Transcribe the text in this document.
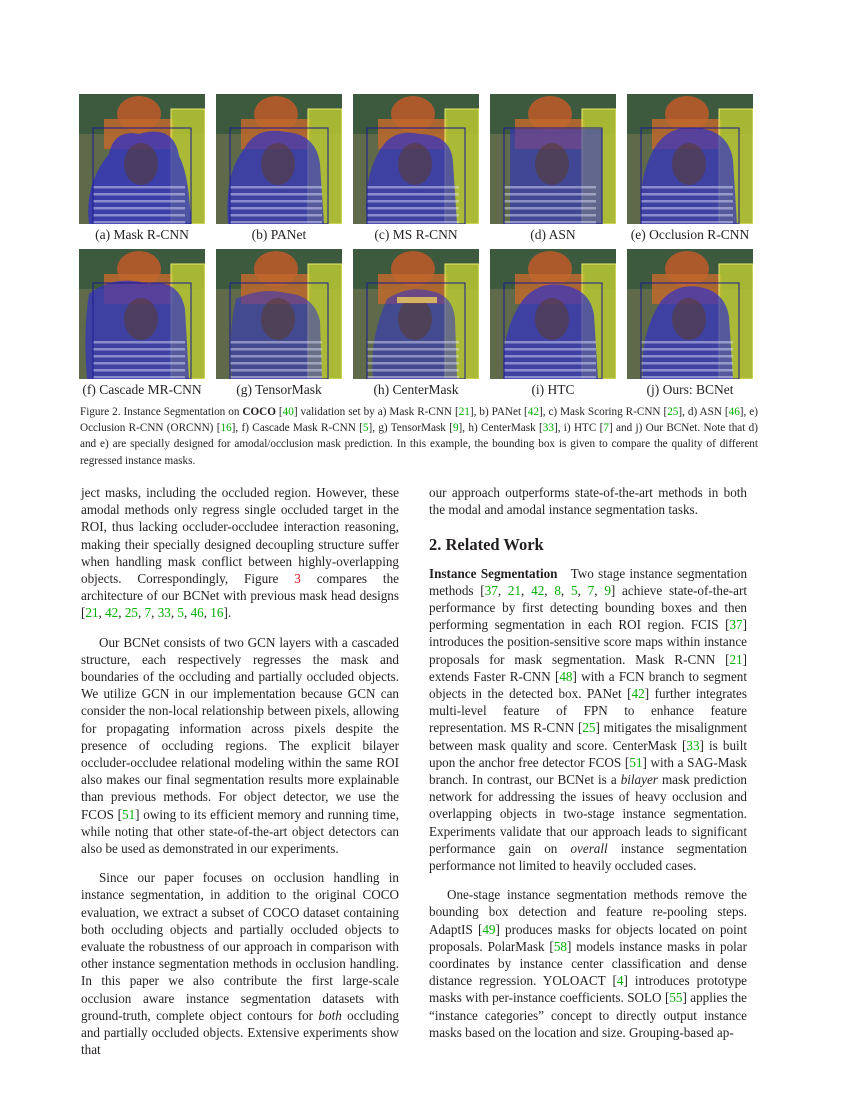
(a) Mask R-CNN	(b) PANet	(c) MS R-CNN	(d) ASN	(e) Occlusion R-CNN
(f) Cascade MR-CNN	(g) TensorMask	(h) CenterMask	(i) HTC	(j) Ours: BCNet
Figure 2. Instance Segmentation on COCO [40] validation set by a) Mask R-CNN [21], b) PANet [42], c) Mask Scoring R-CNN [25], d) ASN [46], e) Occlusion R-CNN (ORCNN) [16], f) Cascade Mask R-CNN [5], g) TensorMask [9], h) CenterMask [33], i) HTC [7] and j) Our BCNet. Note that d) and e) are specially designed for amodal/occlusion mask prediction. In this example, the bounding box is given to compare the quality of different regressed instance masks.

ject masks, including the occluded region. However, these amodal methods only regress single occluded target in the ROI, thus lacking occluder-occludee interaction reasoning, making their specially designed decoupling structure suffer when handling mask conflict between highly-overlapping objects. Correspondingly, Figure 3 compares the architecture of our BCNet with previous mask head designs [21, 42, 25, 7, 33, 5, 46, 16].

Our BCNet consists of two GCN layers with a cascaded structure, each respectively regresses the mask and boundaries of the occluding and partially occluded objects. We utilize GCN in our implementation because GCN can consider the non-local relationship between pixels, allowing for propagating information across pixels despite the presence of occluding regions. The explicit bilayer occluder-occludee relational modeling within the same ROI also makes our final segmentation results more explainable than previous methods. For object detector, we use the FCOS [51] owing to its efficient memory and running time, while noting that other state-of-the-art object detectors can also be used as demonstrated in our experiments.

Since our paper focuses on occlusion handling in instance segmentation, in addition to the original COCO evaluation, we extract a subset of COCO dataset containing both occluding objects and partially occluded objects to evaluate the robustness of our approach in comparison with other instance segmentation methods in occlusion handling. In this paper we also contribute the first large-scale occlusion aware instance segmentation datasets with ground-truth, complete object contours for both occluding and partially occluded objects. Extensive experiments show that

our approach outperforms state-of-the-art methods in both the modal and amodal instance segmentation tasks.

2. Related Work

Instance Segmentation Two stage instance segmentation methods [37, 21, 42, 8, 5, 7, 9] achieve state-of-the-art performance by first detecting bounding boxes and then performing segmentation in each ROI region. FCIS [37] introduces the position-sensitive score maps within instance proposals for mask segmentation. Mask R-CNN [21] extends Faster R-CNN [48] with a FCN branch to segment objects in the detected box. PANet [42] further integrates multi-level feature of FPN to enhance feature representation. MS R-CNN [25] mitigates the misalignment between mask quality and score. CenterMask [33] is built upon the anchor free detector FCOS [51] with a SAG-Mask branch. In contrast, our BCNet is a bilayer mask prediction network for addressing the issues of heavy occlusion and overlapping objects in two-stage instance segmentation. Experiments validate that our approach leads to significant performance gain on overall instance segmentation performance not limited to heavily occluded cases.

One-stage instance segmentation methods remove the bounding box detection and feature re-pooling steps. AdaptIS [49] produces masks for objects located on point proposals. PolarMask [58] models instance masks in polar coordinates by instance center classification and dense distance regression. YOLOACT [4] introduces prototype masks with per-instance coefficients. SOLO [55] applies the “instance categories” concept to directly output instance masks based on the location and size. Grouping-based ap-
